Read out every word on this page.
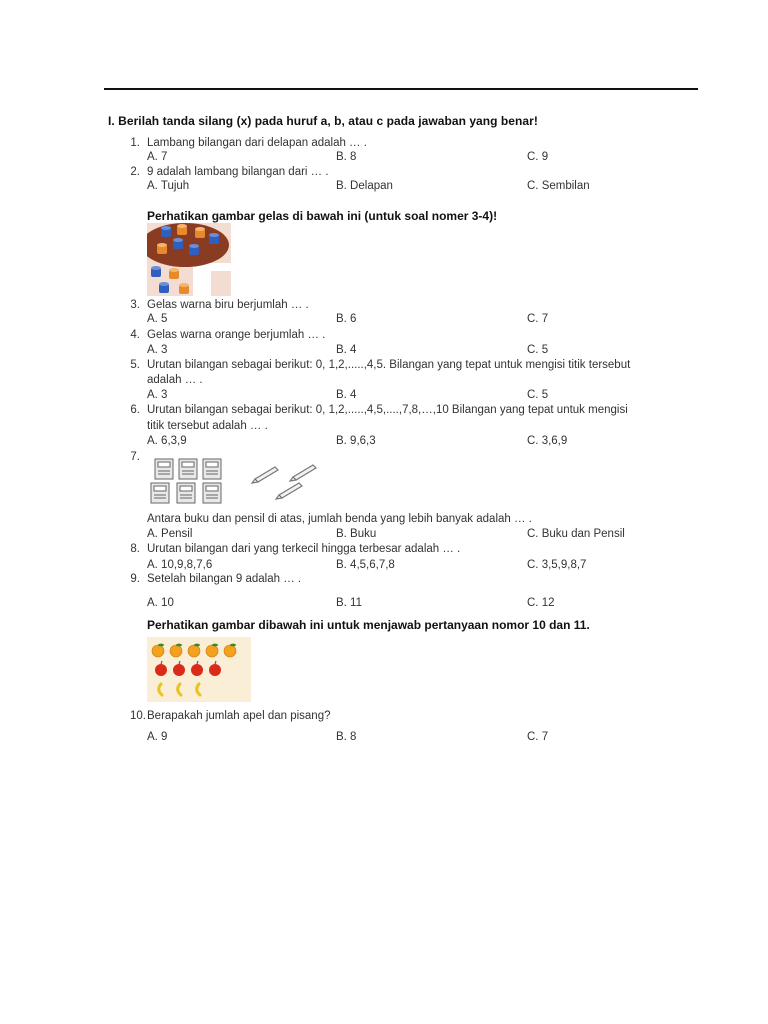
I. Berilah tanda silang (x) pada huruf a, b, atau c pada jawaban yang benar!
1. Lambang bilangan dari delapan adalah … .
A. 7	B. 8	C. 9
2. 9 adalah lambang bilangan dari … .
A. Tujuh	B. Delapan	C. Sembilan
Perhatikan gambar gelas di bawah ini (untuk soal nomer 3-4)!
3. Gelas warna biru berjumlah … .
A. 5	B. 6	C. 7
4. Gelas warna orange berjumlah … .
A. 3	B. 4	C. 5
5. Urutan bilangan sebagai berikut: 0, 1,2,.....,4,5. Bilangan yang tepat untuk mengisi titik tersebut
adalah … .
A. 3	B. 4	C. 5
6. Urutan bilangan sebagai berikut: 0, 1,2,.....,4,5,....,7,8,…,10 Bilangan yang tepat untuk mengisi
titik tersebut adalah … .
A. 6,3,9	B. 9,6,3	C. 3,6,9
7.
Antara buku dan pensil di atas, jumlah benda yang lebih banyak adalah … .
A. Pensil	B. Buku	C. Buku dan Pensil
8. Urutan bilangan dari yang terkecil hingga terbesar adalah … .
A. 10,9,8,7,6	B. 4,5,6,7,8	C. 3,5,9,8,7
9. Setelah bilangan 9 adalah … .
A. 10	B. 11	C. 12
Perhatikan gambar dibawah ini untuk menjawab pertanyaan nomor 10 dan 11.
10. Berapakah jumlah apel dan pisang?
A. 9	B. 8	C. 7
